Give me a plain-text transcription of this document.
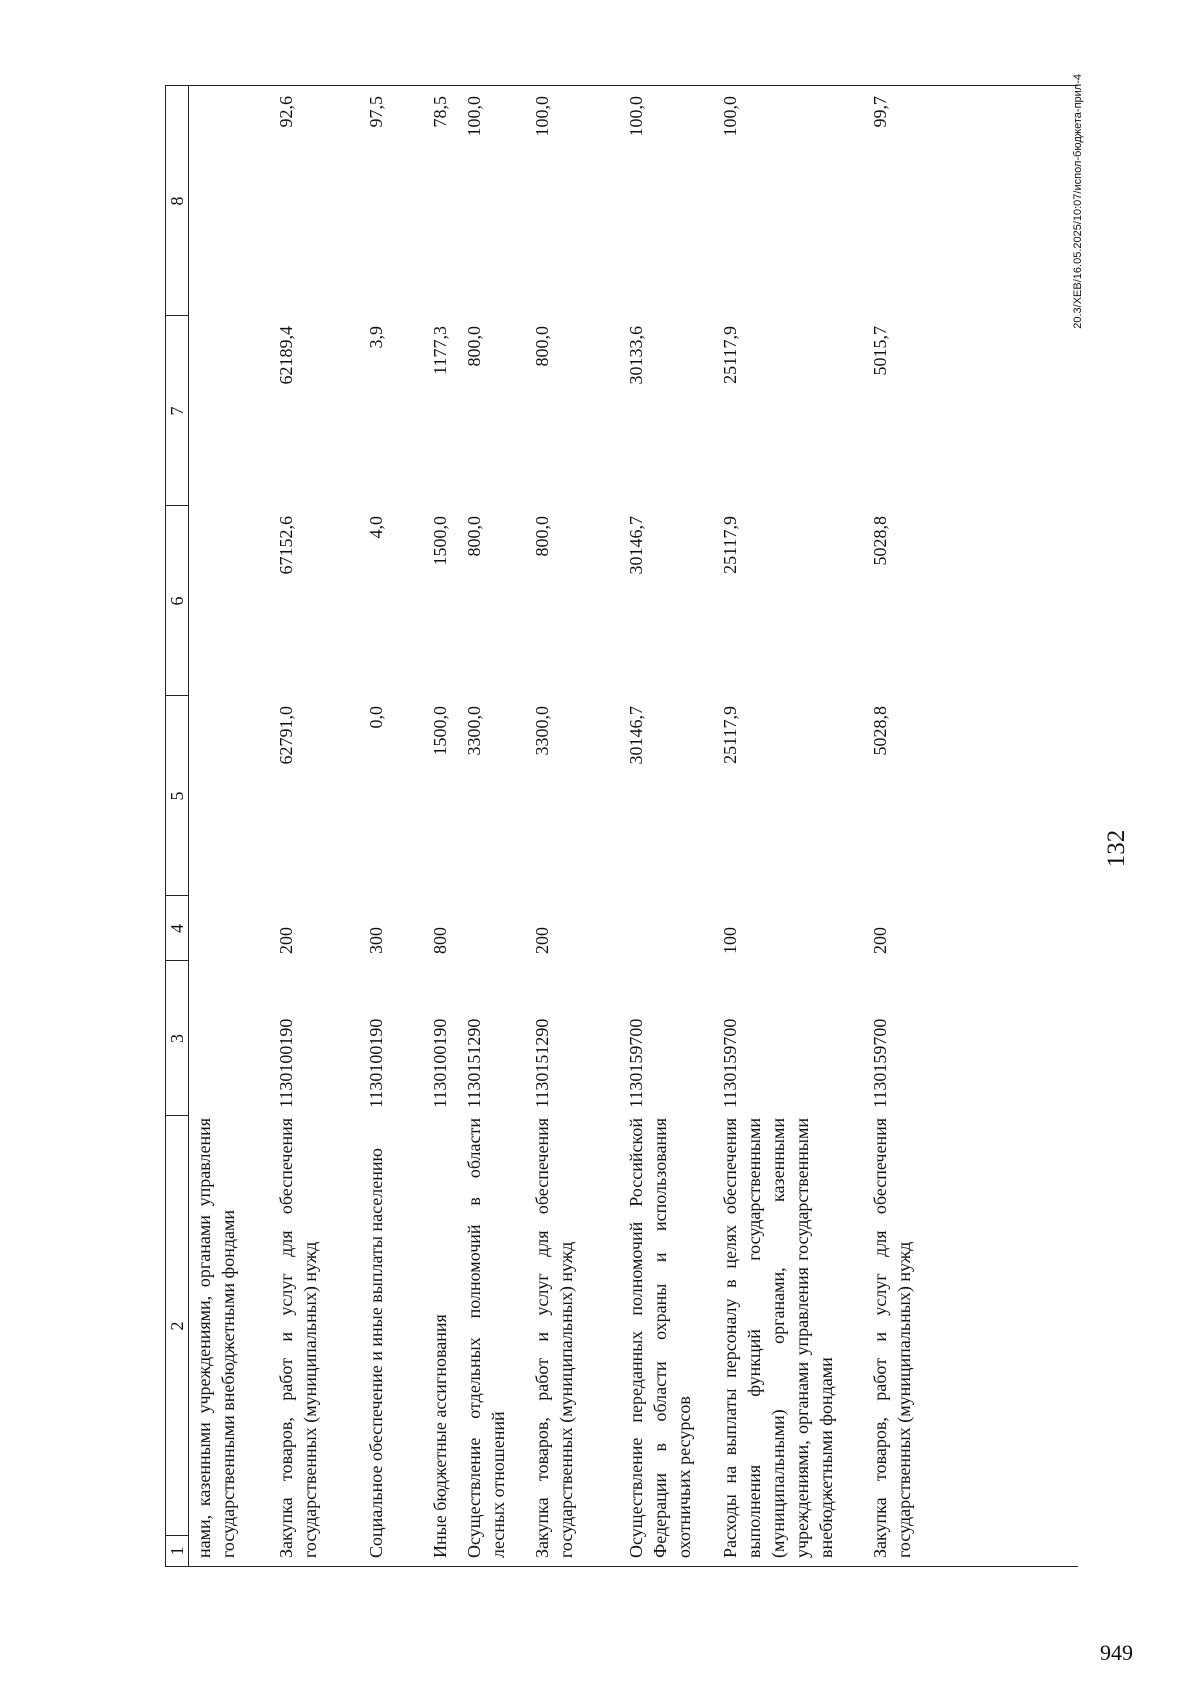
132
1
2
3
4
5
6
7
8
нами, казенными учреждениями, органами управления государственными внебюджетными фондами Закупка товаров, работ и услуг для обеспечения государственных (муниципальных) нужд
1130100190
200
62791,0
67152,6
62189,4
92,6
Социальное обеспечение и иные выплаты населению
1130100190
300
0,0
4,0
3,9
97,5
Иные бюджетные ассигнования
1130100190
800
1500,0
1500,0
1177,3
78,5
Осуществление отдельных полномочий в области лесных отношений
1130151290
3300,0
800,0
800,0
100,0
Закупка товаров, работ и услуг для обеспечения государственных (муниципальных) нужд
1130151290
200
3300,0
800,0
800,0
100,0
Осуществление переданных полномочий Российской Федерации в области охраны и использования охотничьих ресурсов
1130159700
30146,7
30146,7
30133,6
100,0
Расходы на выплаты персоналу в целях обеспечения выполнения функций государственными (муниципальными) органами, казенными учреждениями, органами управления государственными внебюджетными фондами
1130159700
100
25117,9
25117,9
25117,9
100,0
Закупка товаров, работ и услуг для обеспечения государственных (муниципальных) нужд
1130159700
200
5028,8
5028,8
5015,7
99,7	20.3/ХЕВ/16.05.2025/10:07/испол-бюджета-прил-4
949
